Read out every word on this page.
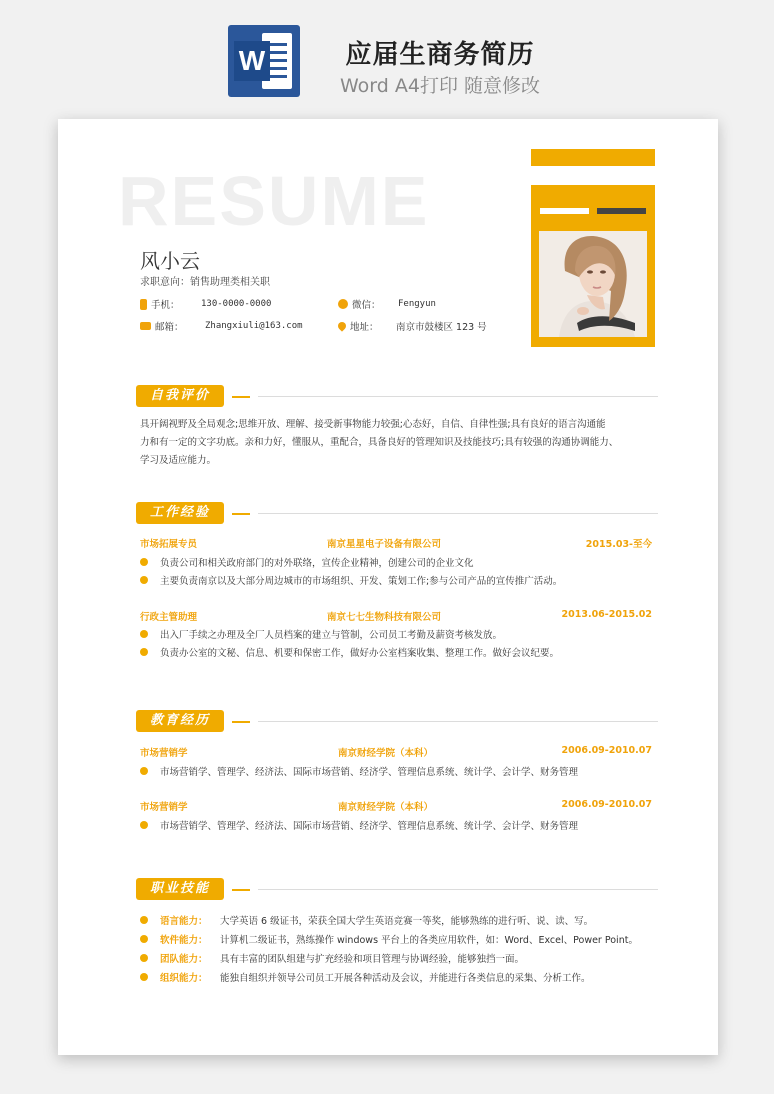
W	应届生商务简历
Word A4打印 随意修改
RESUME
风小云
求职意向：销售助理类相关职
手机：	130-0000-0000
邮箱：	Zhangxiuli@163.com
微信：	Fengyun
地址：	南京市鼓楼区 123 号
自我评价
具开阔视野及全局观念;思维开放、理解、接受新事物能力较强;心态好，自信、自律性强;具有良好的语言沟通能
力和有一定的文字功底。亲和力好，懂服从，重配合，具备良好的管理知识及技能技巧;具有较强的沟通协调能力、
学习及适应能力。
工作经验
市场拓展专员	南京星星电子设备有限公司	2015.03-至今
负责公司和相关政府部门的对外联络，宣传企业精神，创建公司的企业文化
主要负责南京以及大部分周边城市的市场组织、开发、策划工作;参与公司产品的宣传推广活动。
行政主管助理	南京七七生物科技有限公司	2013.06-2015.02
出入厂手续之办理及全厂人员档案的建立与管制，公司员工考勤及薪资考核发放。
负责办公室的文秘、信息、机要和保密工作，做好办公室档案收集、整理工作。做好会议纪要。
教育经历
市场营销学	南京财经学院（本科）	2006.09-2010.07
市场营销学、管理学、经济法、国际市场营销、经济学、管理信息系统、统计学、会计学、财务管理
市场营销学	南京财经学院（本科）	2006.09-2010.07
市场营销学、管理学、经济法、国际市场营销、经济学、管理信息系统、统计学、会计学、财务管理
职业技能
语言能力：	大学英语 6 级证书，荣获全国大学生英语竞赛一等奖，能够熟练的进行听、说、读、写。
软件能力：	计算机二级证书，熟练操作 windows 平台上的各类应用软件，如：Word、Excel、Power Point。
团队能力：	具有丰富的团队组建与扩充经验和项目管理与协调经验，能够独挡一面。
组织能力：	能独自组织并领导公司员工开展各种活动及会议，并能进行各类信息的采集、分析工作。
